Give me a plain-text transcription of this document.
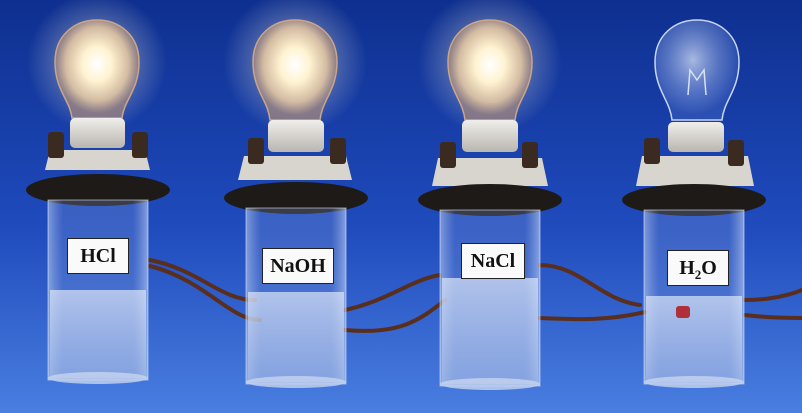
HCl	NaOH	NaCl	$H_2O$
